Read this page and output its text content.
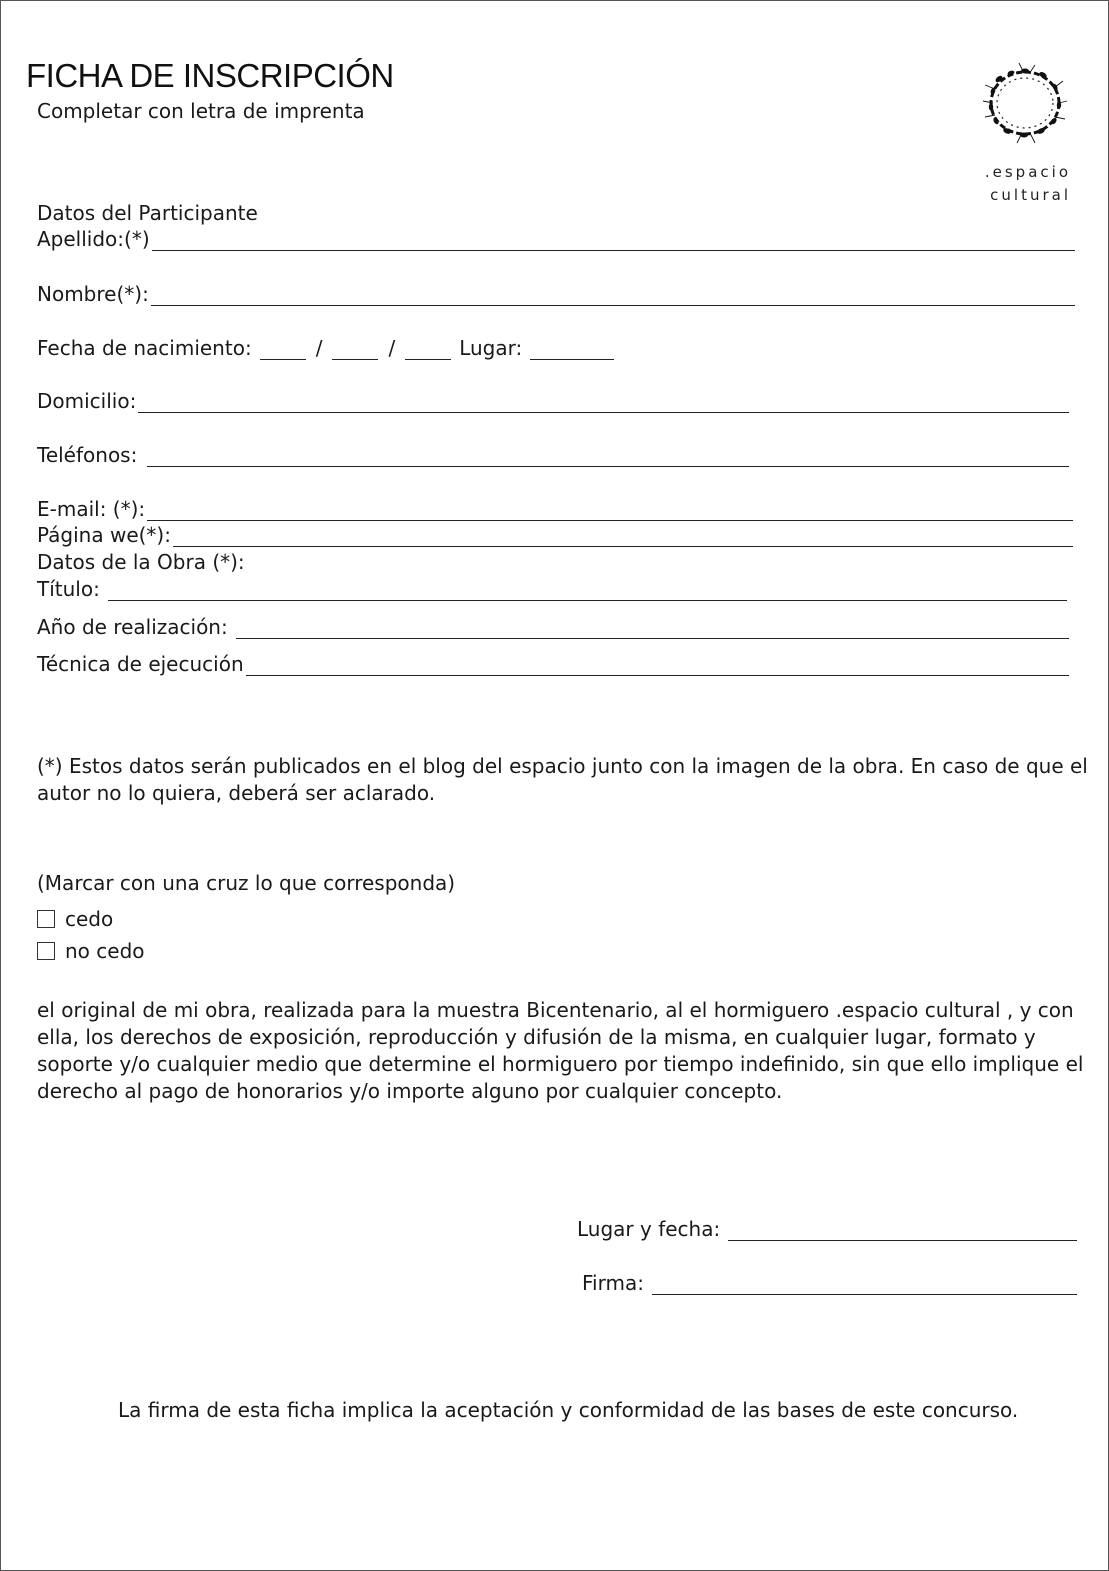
FICHA DE INSCRIPCIÓN
Completar con letra de imprenta
.espacio
cultural
Datos del Participante
Apellido:(*)
Nombre(*):
Fecha de nacimiento:	/	/	Lugar:
Domicilio:
Teléfonos:
E-mail: (*):
Página we(*):
Datos de la Obra (*):
Título:
Año de realización:
Técnica de ejecución
(*) Estos datos serán publicados en el blog del espacio junto con la imagen de la obra. En caso de que el
autor no lo quiera, deberá ser aclarado.
(Marcar con una cruz lo que corresponda)
cedo
no cedo
el original de mi obra, realizada para la muestra Bicentenario, al el hormiguero .espacio cultural , y con
ella, los derechos de exposición, reproducción y difusión de la misma, en cualquier lugar, formato y
soporte y/o cualquier medio que determine el hormiguero por tiempo indefinido, sin que ello implique el
derecho al pago de honorarios y/o importe alguno por cualquier concepto.
Lugar y fecha:
Firma:
La firma de esta ficha implica la aceptación y conformidad de las bases de este concurso.
